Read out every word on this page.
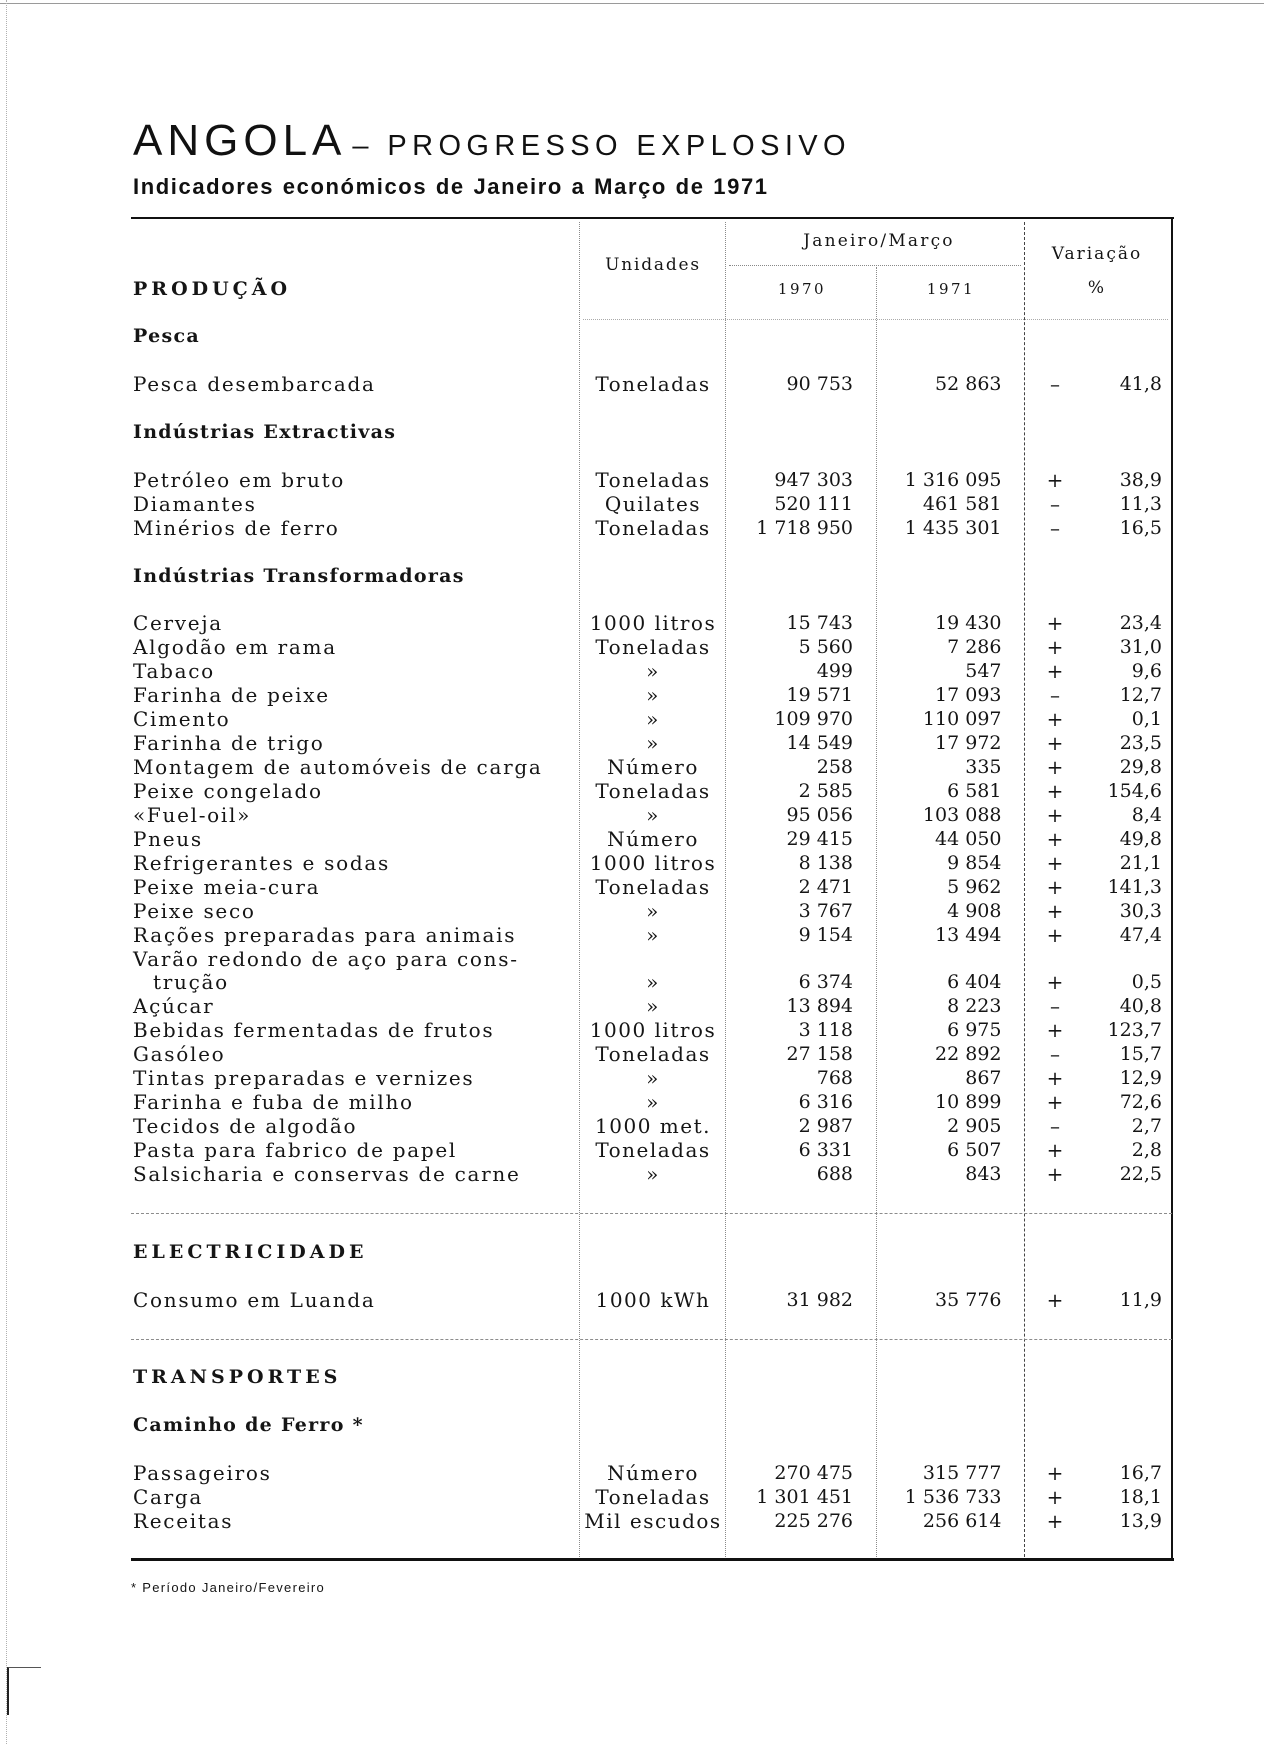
ANGOLA – PROGRESSO EXPLOSIVO
Indicadores económicos de Janeiro a Março de 1971
Janeiro/Março
Unidades
Variação
%
1970	1971
PRODUÇÃO
Pesca
Pesca desembarcada	Toneladas	90 753	52 863	–	41,8
Indústrias Extractivas
Petróleo em bruto	Toneladas	947 303	1 316 095	+	38,9
Diamantes	Quilates	520 111	461 581	–	11,3
Minérios de ferro	Toneladas	1 718 950	1 435 301	–	16,5
Indústrias Transformadoras
Cerveja	1000 litros	15 743	19 430	+	23,4
Algodão em rama	Toneladas	5 560	7 286	+	31,0
Tabaco	»	499	547	+	9,6
Farinha de peixe	»	19 571	17 093	–	12,7
Cimento	»	109 970	110 097	+	0,1
Farinha de trigo	»	14 549	17 972	+	23,5
Montagem de automóveis de carga	Número	258	335	+	29,8
Peixe congelado	Toneladas	2 585	6 581	+	154,6
«Fuel-oil»	»	95 056	103 088	+	8,4
Pneus	Número	29 415	44 050	+	49,8
Refrigerantes e sodas	1000 litros	8 138	9 854	+	21,1
Peixe meia-cura	Toneladas	2 471	5 962	+	141,3
Peixe seco	»	3 767	4 908	+	30,3
Rações preparadas para animais	»	9 154	13 494	+	47,4
Varão redondo de aço para cons-
trução	»	6 374	6 404	+	0,5
Açúcar	»	13 894	8 223	–	40,8
Bebidas fermentadas de frutos	1000 litros	3 118	6 975	+	123,7
Gasóleo	Toneladas	27 158	22 892	–	15,7
Tintas preparadas e vernizes	»	768	867	+	12,9
Farinha e fuba de milho	»	6 316	10 899	+	72,6
Tecidos de algodão	1000 met.	2 987	2 905	–	2,7
Pasta para fabrico de papel	Toneladas	6 331	6 507	+	2,8
Salsicharia e conservas de carne	»	688	843	+	22,5
ELECTRICIDADE
Consumo em Luanda	1000 kWh	31 982	35 776	+	11,9
TRANSPORTES
Caminho de Ferro *
Passageiros	Número	270 475	315 777	+	16,7
Carga	Toneladas	1 301 451	1 536 733	+	18,1
Receitas	Mil escudos	225 276	256 614	+	13,9
* Período Janeiro/Fevereiro
